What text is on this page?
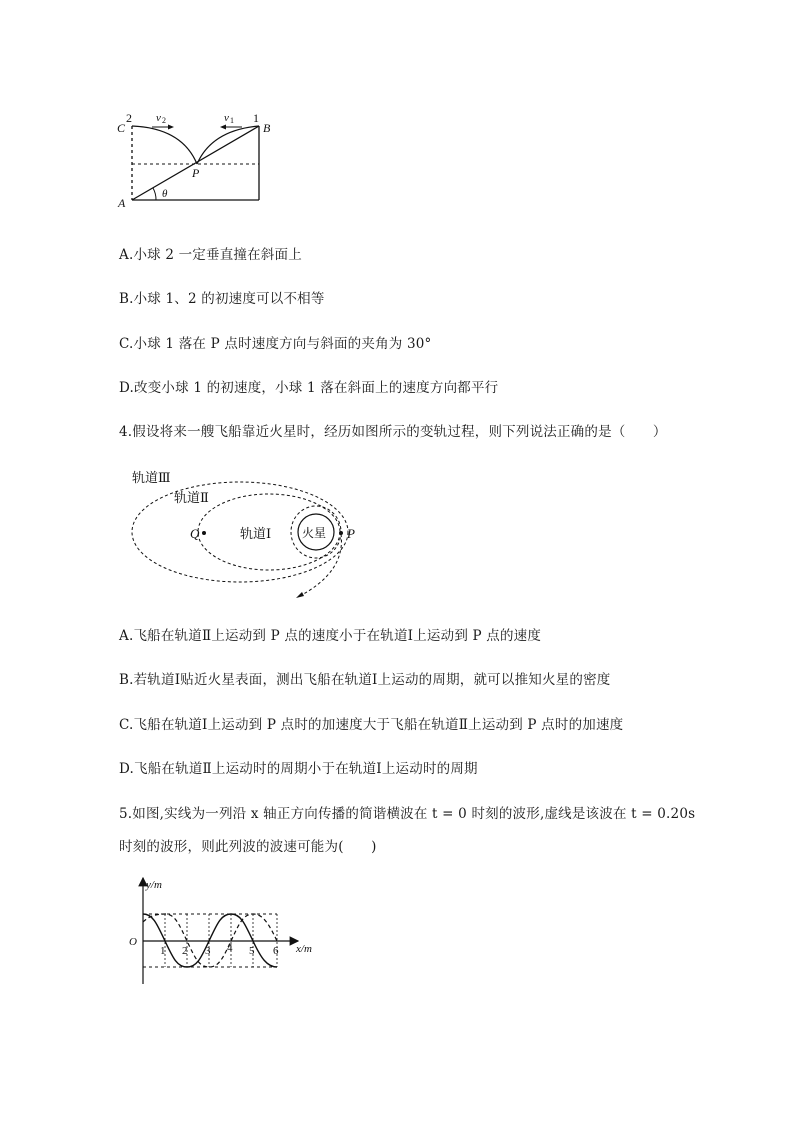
2	1
C	B
A
P
v 2	v 1
θ
A.小球 2 一定垂直撞在斜面上
B.小球 1、2 的初速度可以不相等
C.小球 1 落在 P 点时速度方向与斜面的夹角为 30°
D.改变小球 1 的初速度，小球 1 落在斜面上的速度方向都平行
4.假设将来一艘飞船靠近火星时，经历如图所示的变轨过程，则下列说法正确的是（　　）
轨道Ⅲ
轨道Ⅱ
轨道Ⅰ	火星
Q	P
A.飞船在轨道Ⅱ上运动到 P 点的速度小于在轨道Ⅰ上运动到 P 点的速度
B.若轨道Ⅰ贴近火星表面，测出飞船在轨道Ⅰ上运动的周期，就可以推知火星的密度
C.飞船在轨道Ⅰ上运动到 P 点时的加速度大于飞船在轨道Ⅱ上运动到 P 点时的加速度
D.飞船在轨道Ⅱ上运动时的周期小于在轨道Ⅰ上运动时的周期
5.如图,实线为一列沿 x 轴正方向传播的简谐横波在 t = 0 时刻的波形,虚线是该波在 t = 0.20s
时刻的波形，则此列波的波速可能为(　　)
y/m
x/m
O
1 2 3 4 5 6
